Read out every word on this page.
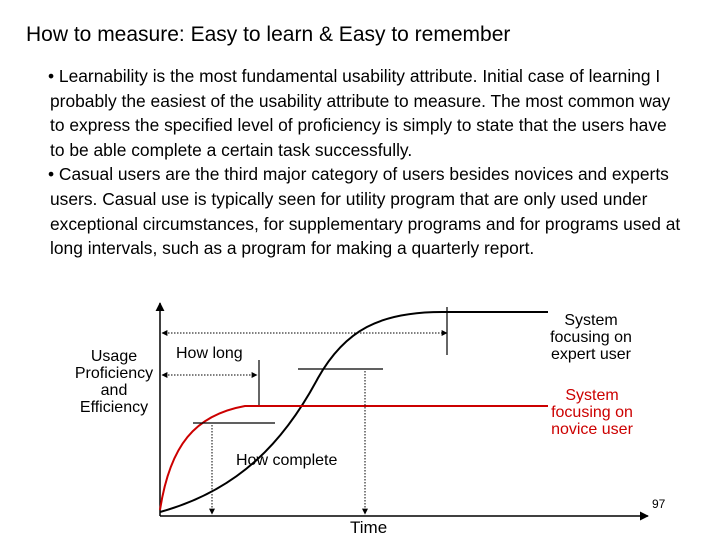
How to measure: Easy to learn & Easy to remember

• Learnability is the most fundamental usability attribute. Initial case of learning I probably the easiest of the usability attribute to measure. The most common way to express the specified level of proficiency is simply to state that the users have to be able complete a certain task successfully.

• Casual users are the third major category of users besides novices and experts users. Casual use is typically seen for utility program that are only used under exceptional circumstances, for supplementary programs and for programs used at long intervals, such as a program for making a quarterly report.

Usage
Proficiency
and
Efficiency
How long
How complete
System
focusing on
expert user
System
focusing on
novice user
Time
97
